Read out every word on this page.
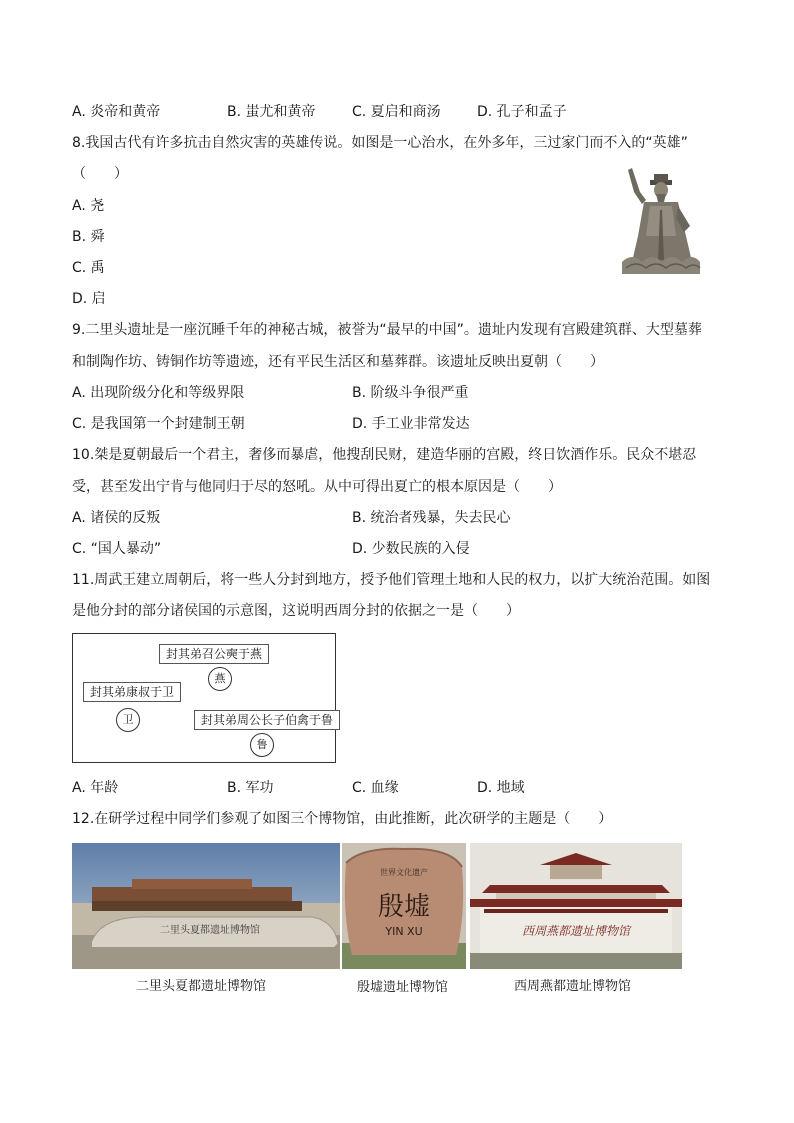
A. 炎帝和黄帝	B. 蚩尤和黄帝	C. 夏启和商汤	D. 孔子和孟子
8.我国古代有许多抗击自然灾害的英雄传说。如图是一心治水，在外多年，三过家门而不入的“英雄”
（　　）
A. 尧
B. 舜
C. 禹
D. 启
9.二里头遗址是一座沉睡千年的神秘古城，被誉为“最早的中国”。遗址内发现有宫殿建筑群、大型墓葬
和制陶作坊、铸铜作坊等遗迹，还有平民生活区和墓葬群。该遗址反映出夏朝（　　）
A. 出现阶级分化和等级界限	B. 阶级斗争很严重
C. 是我国第一个封建制王朝	D. 手工业非常发达
10.桀是夏朝最后一个君主，奢侈而暴虐，他搜刮民财，建造华丽的宫殿，终日饮酒作乐。民众不堪忍
受，甚至发出宁肯与他同归于尽的怒吼。从中可得出夏亡的根本原因是（　　）
A. 诸侯的反叛	B. 统治者残暴，失去民心
C. “国人暴动”	D. 少数民族的入侵
11.周武王建立周朝后，将一些人分封到地方，授予他们管理土地和人民的权力，以扩大统治范围。如图
是他分封的部分诸侯国的示意图，这说明西周分封的依据之一是（　　）
封其弟召公奭于燕
燕
封其弟康叔于卫
卫	封其弟周公长子伯禽于鲁
鲁
A. 年龄	B. 军功	C. 血缘	D. 地域
12.在研学过程中同学们参观了如图三个博物馆，由此推断，此次研学的主题是（　　）
二里头夏都遗址博物馆
二里头夏都遗址博物馆
世界文化遗产
殷墟
YIN XU
殷墟遗址博物馆
西周燕都遗址博物馆
西周燕都遗址博物馆
